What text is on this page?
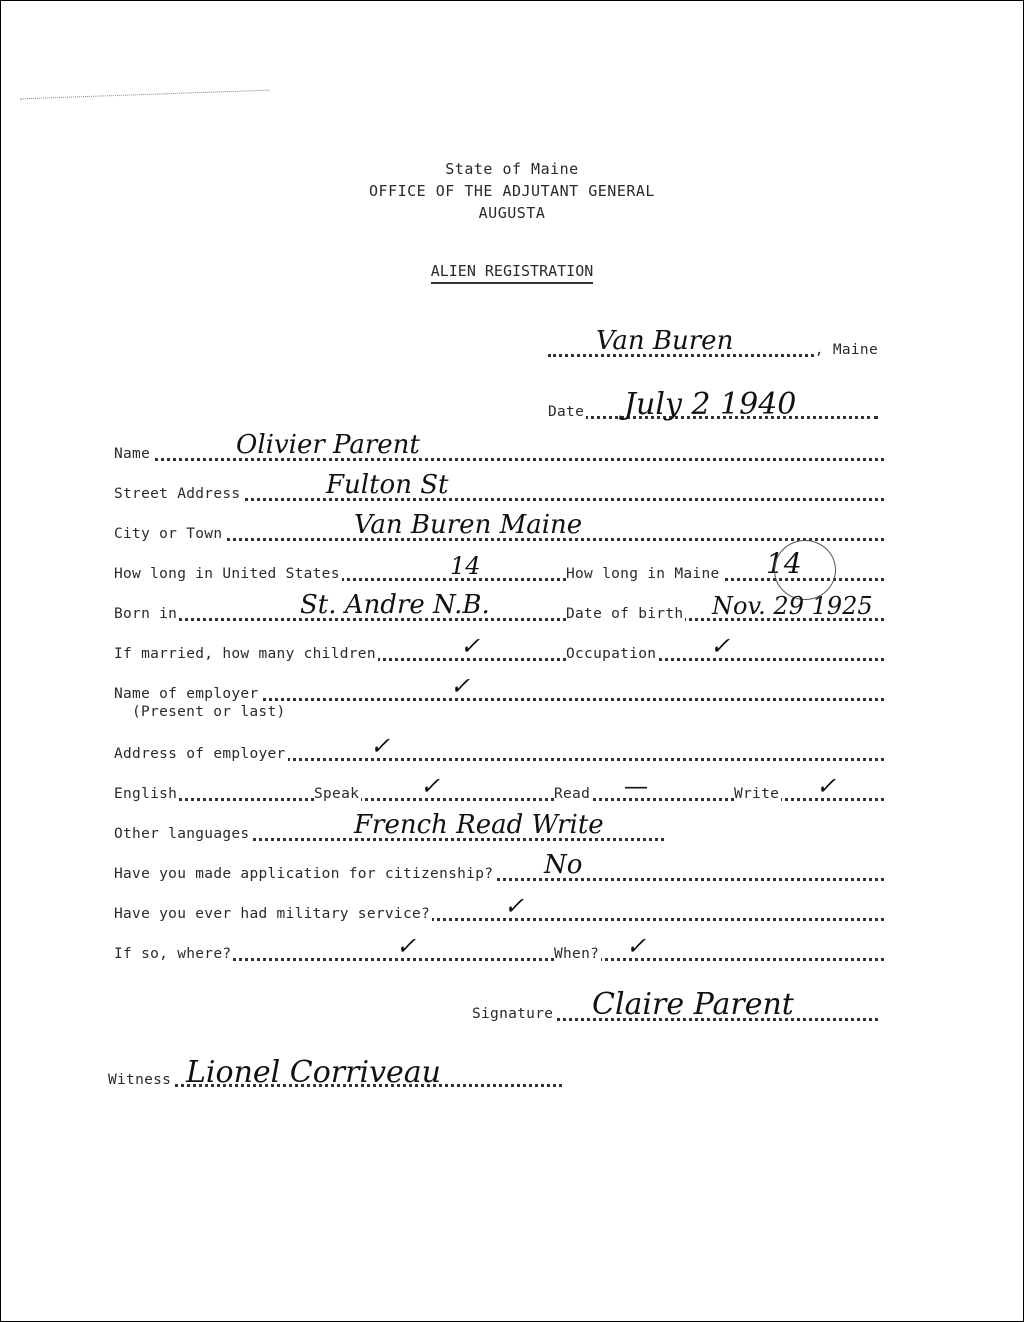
State of Maine
OFFICE OF THE ADJUTANT GENERAL
AUGUSTA
ALIEN REGISTRATION
Van Buren	, Maine
Date July 2 1940
Name	Olivier Parent
Street Address	Fulton St
City or Town	Van Buren Maine
How long in United States	14	How long in Maine 14
Born in	St. Andre N.B.	Date of birth Nov. 29 1925
If married, how many children	✓	Occupation ✓
Name of employer	✓
(Present or last)
Address of employer	✓
English	Speak	✓	Read —	Write ✓
Other languages	French Read Write
Have you made application for citizenship? No
Have you ever had military service?	✓
If so, where?	✓	When? ✓
Signature Claire Parent
Witness Lionel Corriveau
